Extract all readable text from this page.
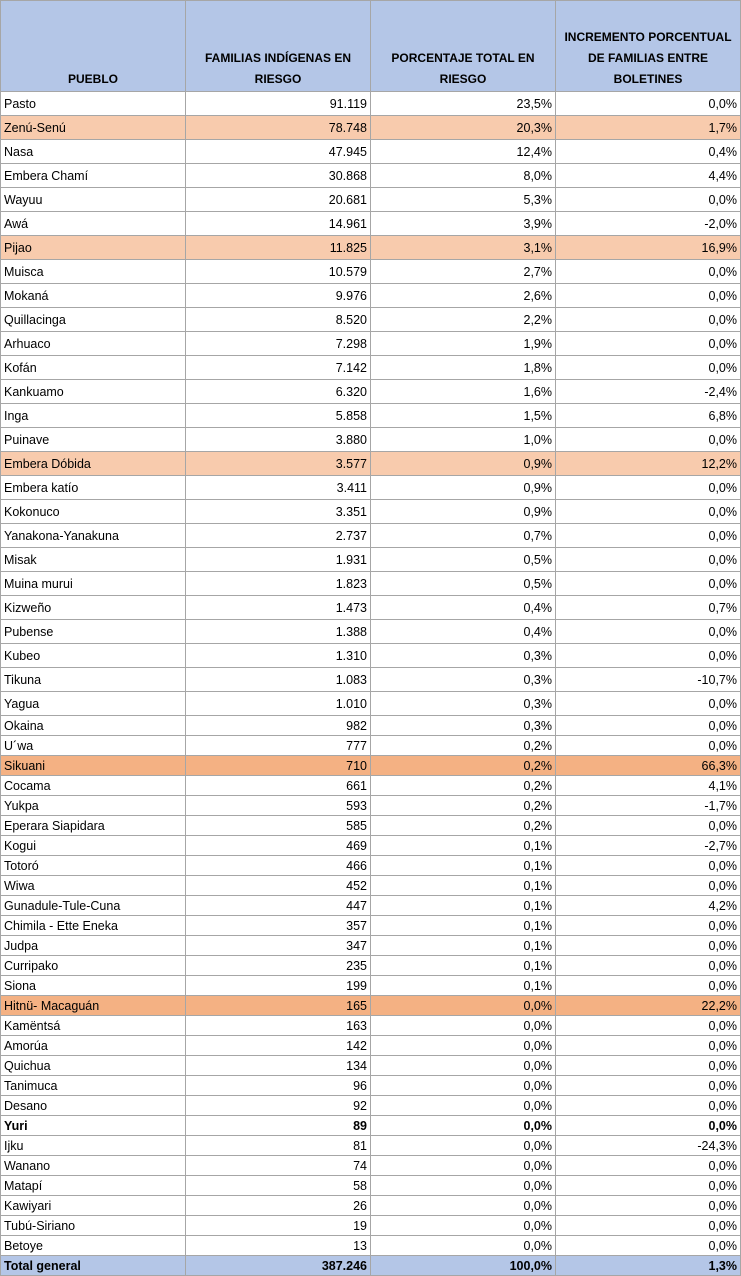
PUEBLO	FAMILIAS INDÍGENAS EN RIESGO	PORCENTAJE TOTAL EN RIESGO	INCREMENTO PORCENTUAL DE FAMILIAS ENTRE BOLETINES
Pasto	91.119	23,5%	0,0%
Zenú-Senú	78.748	20,3%	1,7%
Nasa	47.945	12,4%	0,4%
Embera Chamí	30.868	8,0%	4,4%
Wayuu	20.681	5,3%	0,0%
Awá	14.961	3,9%	-2,0%
Pijao	11.825	3,1%	16,9%
Muisca	10.579	2,7%	0,0%
Mokaná	9.976	2,6%	0,0%
Quillacinga	8.520	2,2%	0,0%
Arhuaco	7.298	1,9%	0,0%
Kofán	7.142	1,8%	0,0%
Kankuamo	6.320	1,6%	-2,4%
Inga	5.858	1,5%	6,8%
Puinave	3.880	1,0%	0,0%
Embera Dóbida	3.577	0,9%	12,2%
Embera katío	3.411	0,9%	0,0%
Kokonuco	3.351	0,9%	0,0%
Yanakona-Yanakuna	2.737	0,7%	0,0%
Misak	1.931	0,5%	0,0%
Muina murui	1.823	0,5%	0,0%
Kizweño	1.473	0,4%	0,7%
Pubense	1.388	0,4%	0,0%
Kubeo	1.310	0,3%	0,0%
Tikuna	1.083	0,3%	-10,7%
Yagua	1.010	0,3%	0,0%
Okaina	982	0,3%	0,0%
U´wa	777	0,2%	0,0%
Sikuani	710	0,2%	66,3%
Cocama	661	0,2%	4,1%
Yukpa	593	0,2%	-1,7%
Eperara Siapidara	585	0,2%	0,0%
Kogui	469	0,1%	-2,7%
Totoró	466	0,1%	0,0%
Wiwa	452	0,1%	0,0%
Gunadule-Tule-Cuna	447	0,1%	4,2%
Chimila - Ette Eneka	357	0,1%	0,0%
Judpa	347	0,1%	0,0%
Curripako	235	0,1%	0,0%
Siona	199	0,1%	0,0%
Hitnü- Macaguán	165	0,0%	22,2%
Kamëntsá	163	0,0%	0,0%
Amorúa	142	0,0%	0,0%
Quichua	134	0,0%	0,0%
Tanimuca	96	0,0%	0,0%
Desano	92	0,0%	0,0%
Yuri	89	0,0%	0,0%
Ijku	81	0,0%	-24,3%
Wanano	74	0,0%	0,0%
Matapí	58	0,0%	0,0%
Kawiyari	26	0,0%	0,0%
Tubú-Siriano	19	0,0%	0,0%
Betoye	13	0,0%	0,0%
Total general	387.246	100,0%	1,3%
